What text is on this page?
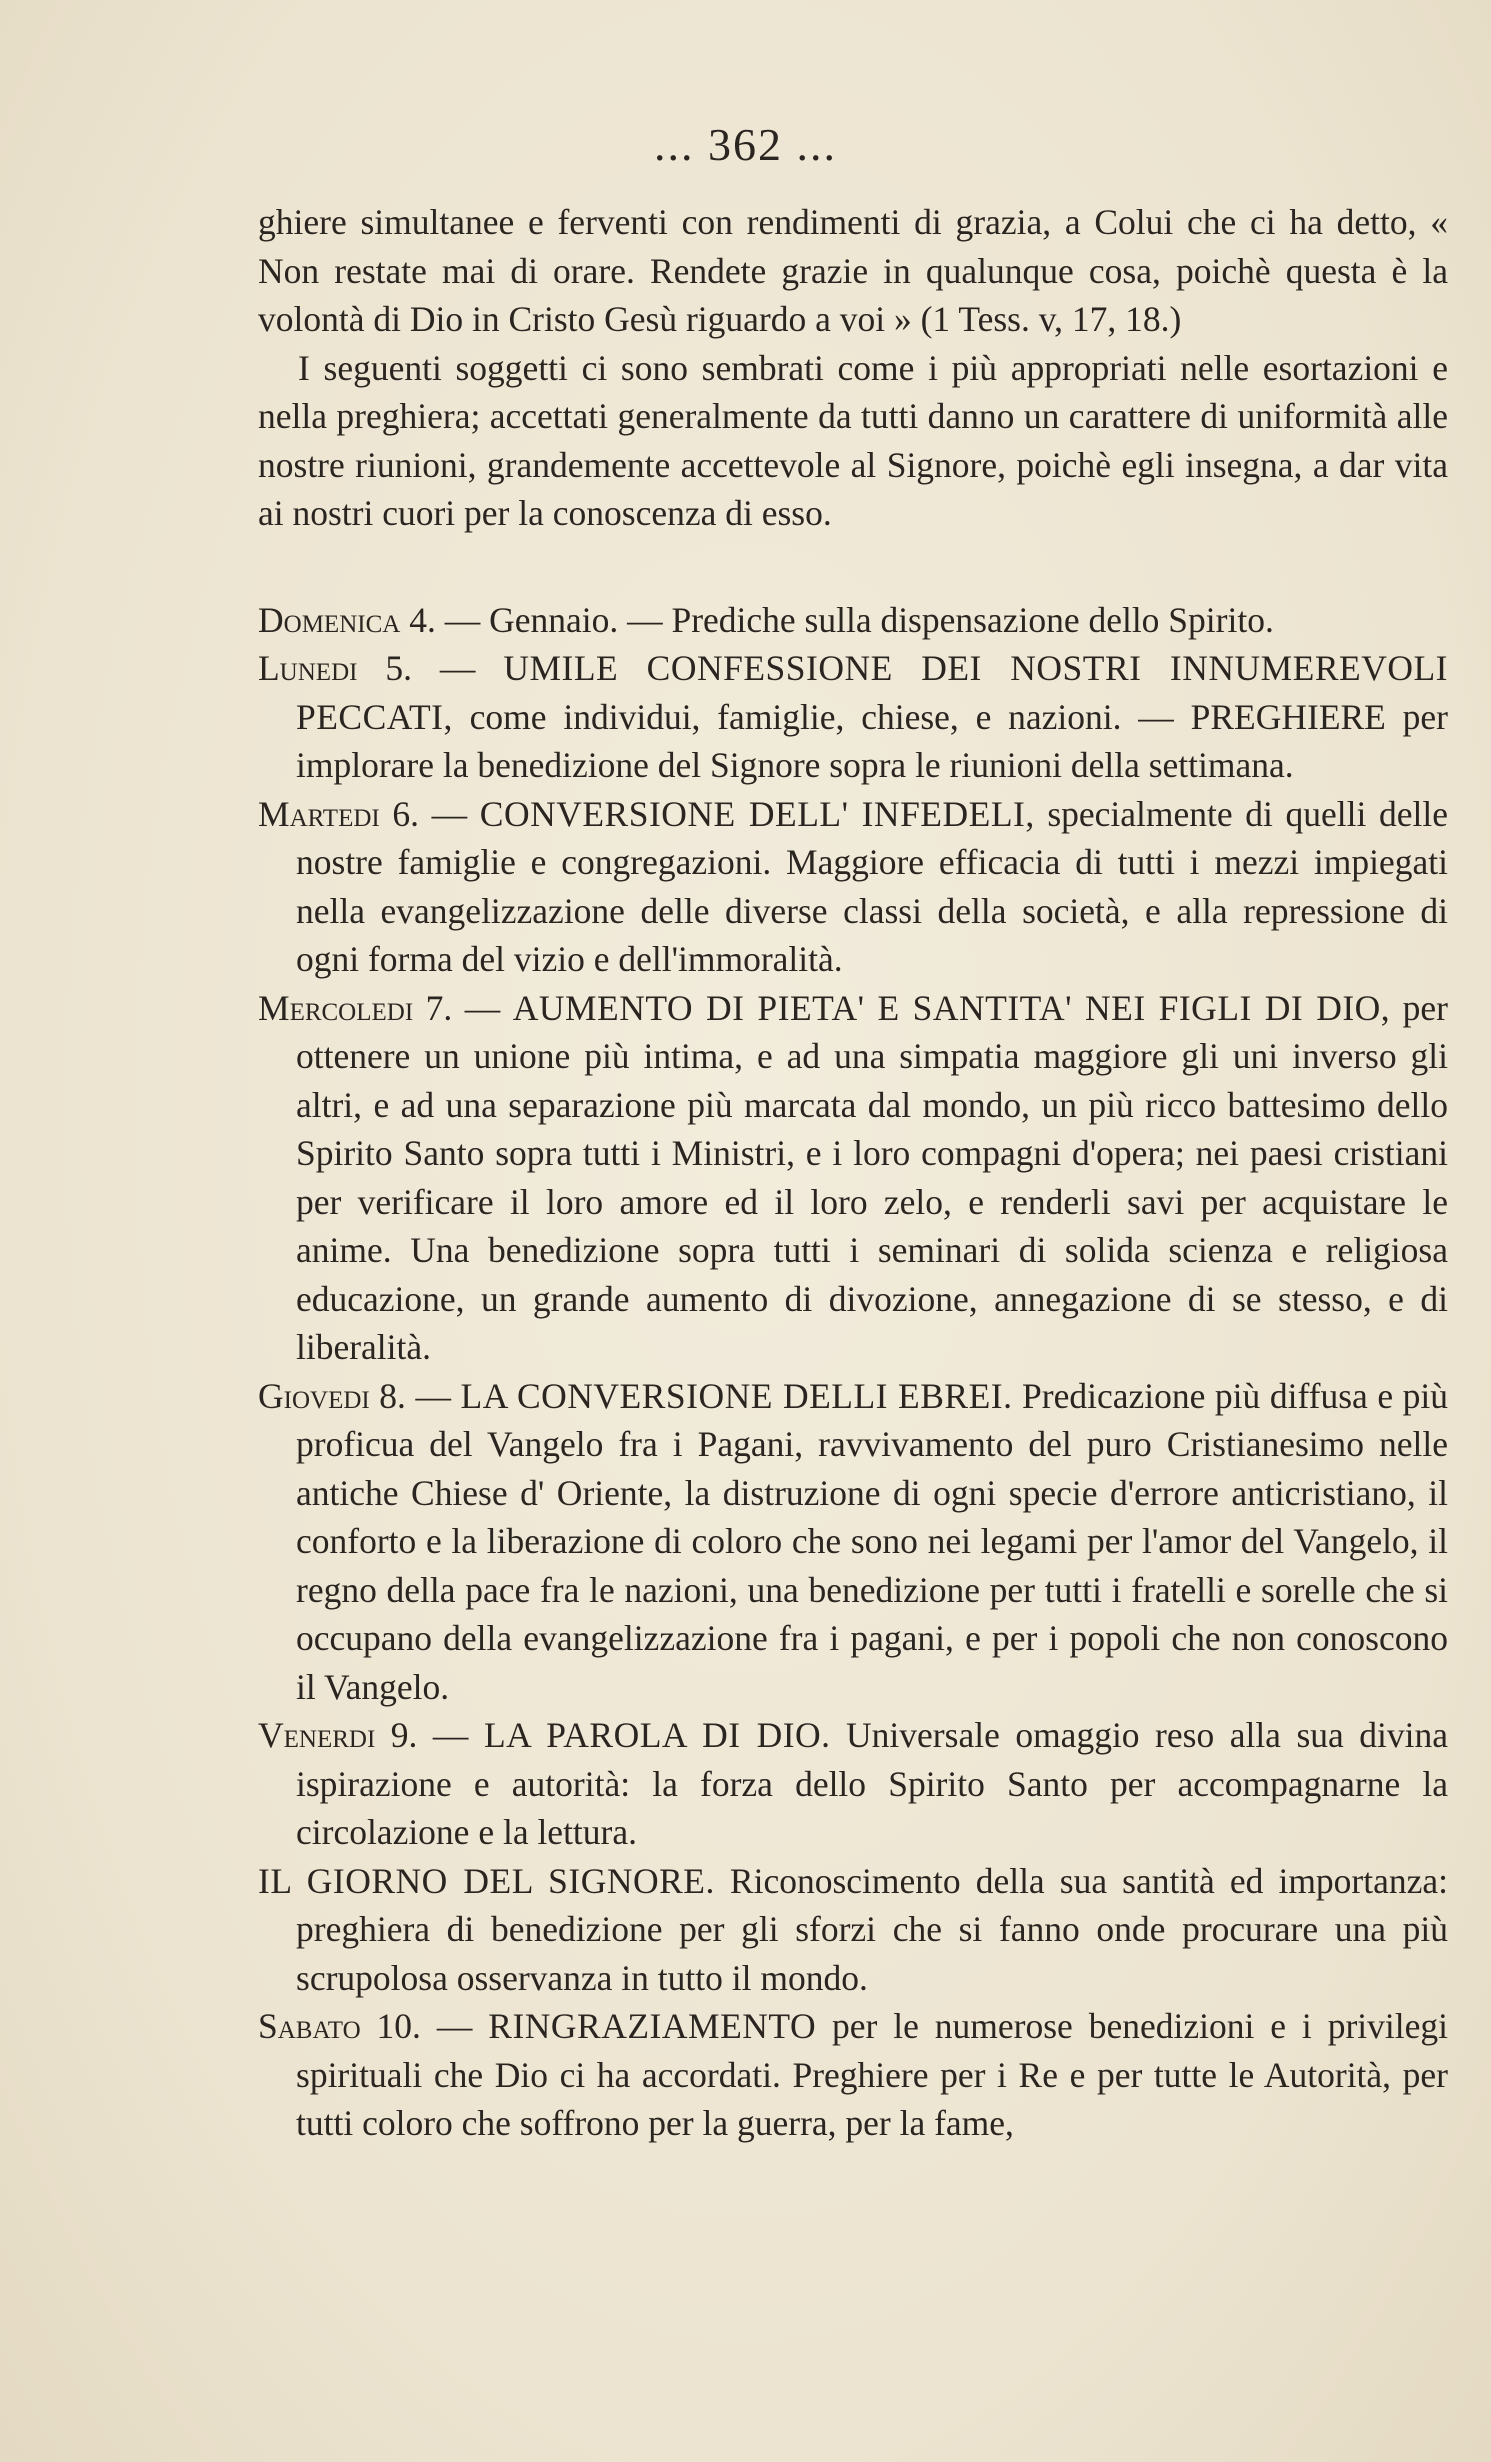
... 362 ...

ghiere simultanee e ferventi con rendimenti di grazia, a Colui che ci ha detto, « Non restate mai di orare. Rendete grazie in qualunque cosa, poichè questa è la volontà di Dio in Cristo Gesù riguardo a voi » (1 Tess. v, 17, 18.)

I seguenti soggetti ci sono sembrati come i più appropriati nelle esortazioni e nella preghiera; accettati generalmente da tutti danno un carattere di uniformità alle nostre riunioni, grandemente accettevole al Signore, poichè egli insegna, a dar vita ai nostri cuori per la conoscenza di esso.

Domenica 4. — Gennaio. — Prediche sulla dispensazione dello Spirito.

Lunedi 5. — UMILE CONFESSIONE DEI NOSTRI INNUMEREVOLI PECCATI, come individui, famiglie, chiese, e nazioni. — PREGHIERE per implorare la benedizione del Signore sopra le riunioni della settimana.

Martedi 6. — CONVERSIONE DELL' INFEDELI, specialmente di quelli delle nostre famiglie e congregazioni. Maggiore efficacia di tutti i mezzi impiegati nella evangelizzazione delle diverse classi della società, e alla repressione di ogni forma del vizio e dell'immoralità.

Mercoledi 7. — AUMENTO DI PIETA' E SANTITA' NEI FIGLI DI DIO, per ottenere un unione più intima, e ad una simpatia maggiore gli uni inverso gli altri, e ad una separazione più marcata dal mondo, un più ricco battesimo dello Spirito Santo sopra tutti i Ministri, e i loro compagni d'opera; nei paesi cristiani per verificare il loro amore ed il loro zelo, e renderli savi per acquistare le anime. Una benedizione sopra tutti i seminari di solida scienza e religiosa educazione, un grande aumento di divozione, annegazione di se stesso, e di liberalità.

Giovedi 8. — LA CONVERSIONE DELLI EBREI. Predicazione più diffusa e più proficua del Vangelo fra i Pagani, ravvivamento del puro Cristianesimo nelle antiche Chiese d' Oriente, la distruzione di ogni specie d'errore anticristiano, il conforto e la liberazione di coloro che sono nei legami per l'amor del Vangelo, il regno della pace fra le nazioni, una benedizione per tutti i fratelli e sorelle che si occupano della evangelizzazione fra i pagani, e per i popoli che non conoscono il Vangelo.

Venerdi 9. — LA PAROLA DI DIO. Universale omaggio reso alla sua divina ispirazione e autorità: la forza dello Spirito Santo per accompagnarne la circolazione e la lettura.

IL GIORNO DEL SIGNORE. Riconoscimento della sua santità ed importanza: preghiera di benedizione per gli sforzi che si fanno onde procurare una più scrupolosa osservanza in tutto il mondo.

Sabato 10. — RINGRAZIAMENTO per le numerose benedizioni e i privilegi spirituali che Dio ci ha accordati. Preghiere per i Re e per tutte le Autorità, per tutti coloro che soffrono per la guerra, per la fame,
